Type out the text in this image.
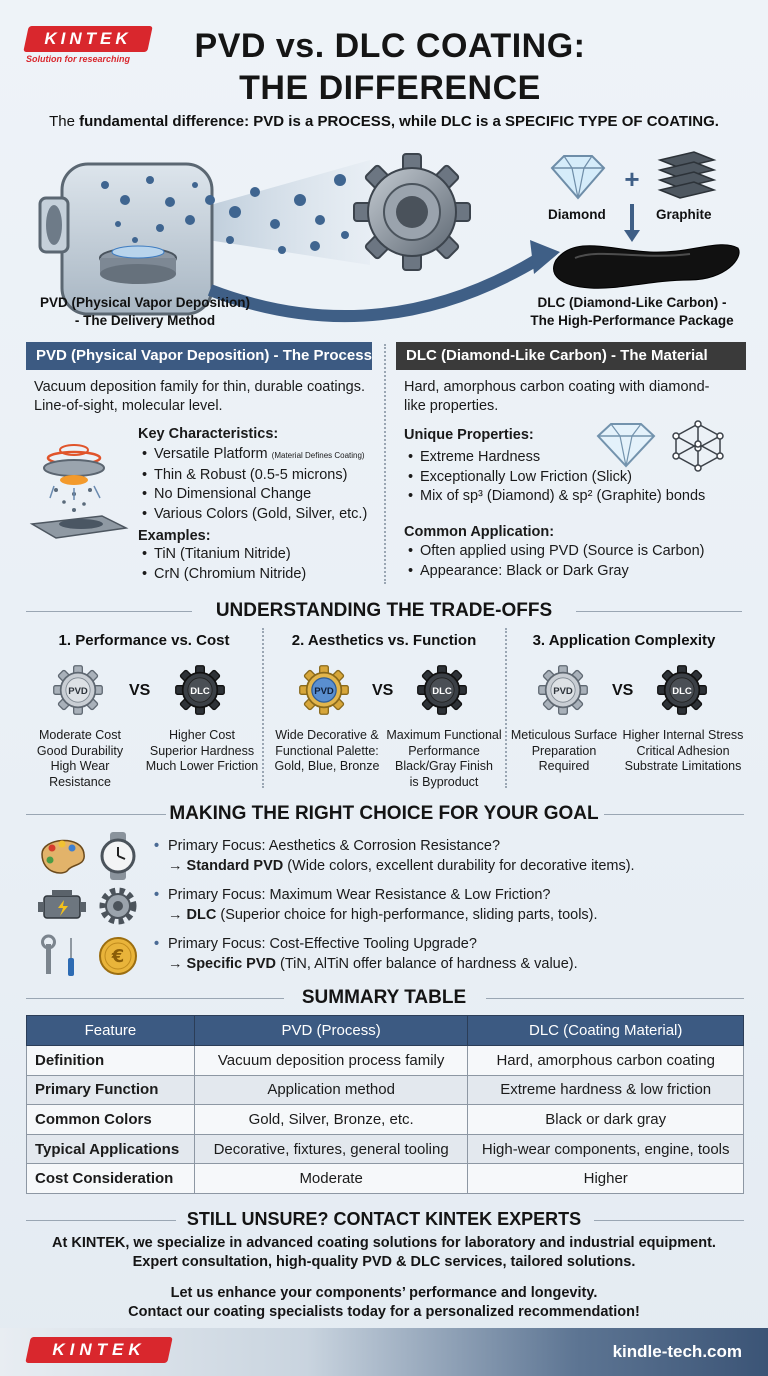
KINTEK
Solution for researching	PVD vs. DLC COATING:
THE DIFFERENCE
The fundamental difference: PVD is a PROCESS, while DLC is a SPECIFIC TYPE OF COATING.
+
Diamond	Graphite
PVD (Physical Vapor Deposition)
- The Delivery Method
DLC (Diamond-Like Carbon) -
The High-Performance Package
PVD (Physical Vapor Deposition) - The Process	DLC (Diamond-Like Carbon) - The Material
Vacuum deposition family for thin, durable coatings.
Line-of-sight, molecular level.
Key Characteristics:
• Versatile Platform (Material Defines Coating)
• Thin & Robust (0.5-5 microns)
• No Dimensional Change
• Various Colors (Gold, Silver, etc.)
Examples:
• TiN (Titanium Nitride)
• CrN (Chromium Nitride)
Hard, amorphous carbon coating with diamond-
like properties.
Unique Properties:
• Extreme Hardness
• Exceptionally Low Friction (Slick)
• Mix of sp³ (Diamond) & sp² (Graphite) bonds
Common Application:
• Often applied using PVD (Source is Carbon)
• Appearance: Black or Dark Gray
UNDERSTANDING THE TRADE-OFFS
1. Performance vs. Cost	2. Aesthetics vs. Function	3. Application Complexity
PVD	VS	DLC	PVD VS	DLC	PVD VS	DLC
Moderate Cost
Good Durability
High Wear Resistance
Higher Cost
Superior Hardness
Much Lower Friction
Wide Decorative &
Functional Palette:
Gold, Blue, Bronze
Maximum Functional
Performance
Black/Gray Finish
is Byproduct
Meticulous Surface
Preparation
Required
Higher Internal Stress
Critical Adhesion
Substrate Limitations
MAKING THE RIGHT CHOICE FOR YOUR GOAL
€
• Primary Focus: Aesthetics & Corrosion Resistance?
→ Standard PVD (Wide colors, excellent durability for decorative items).
• Primary Focus: Maximum Wear Resistance & Low Friction?
→ DLC (Superior choice for high-performance, sliding parts, tools).
• Primary Focus: Cost-Effective Tooling Upgrade?
→ Specific PVD (TiN, AlTiN offer balance of hardness & value).
SUMMARY TABLE
Feature	PVD (Process)	DLC (Coating Material)
Definition	Vacuum deposition process family	Hard, amorphous carbon coating
Primary Function	Application method	Extreme hardness & low friction
Common Colors	Gold, Silver, Bronze, etc.	Black or dark gray
Typical Applications	Decorative, fixtures, general tooling	High-wear components, engine, tools
Cost Consideration	Moderate	Higher
STILL UNSURE? CONTACT KINTEK EXPERTS
At KINTEK, we specialize in advanced coating solutions for laboratory and industrial equipment.
Expert consultation, high-quality PVD & DLC services, tailored solutions.
Let us enhance your components’ performance and longevity.
Contact our coating specialists today for a personalized recommendation!
KINTEK	kindle-tech.com
